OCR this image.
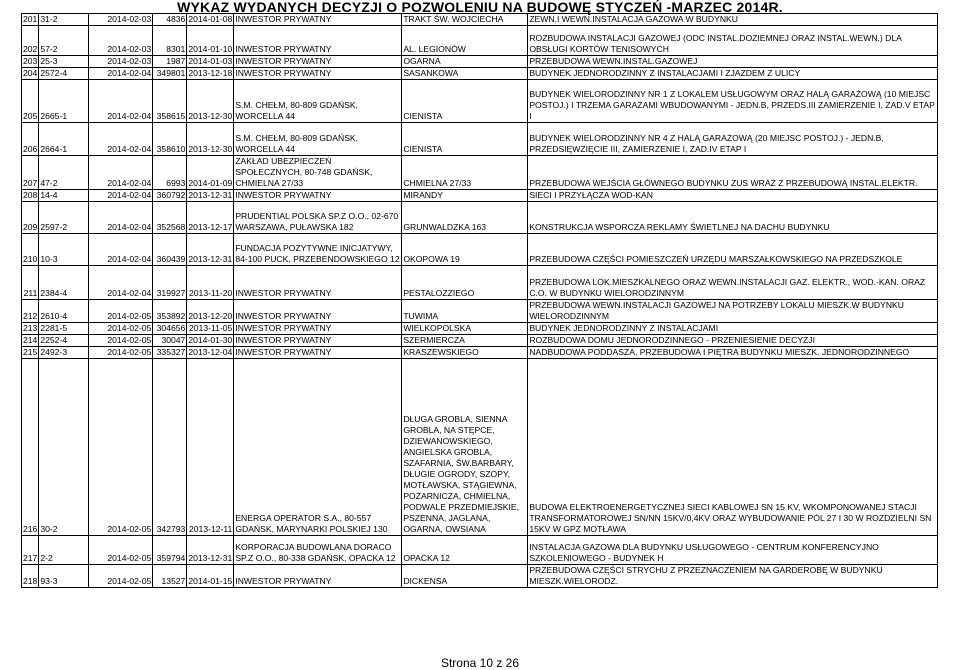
WYKAZ WYDANYCH DECYZJI O POZWOLENIU NA BUDOWĘ STYCZEŃ -MARZEC 2014R.
201	31-2	2014-02-03	4836	2014-01-08	INWESTOR PRYWATNY	TRAKT ŚW. WOJCIECHA	ZEWN.I WEWN.INSTALACJA GAZOWA W BUDYNKU
202	57-2	2014-02-03	8301	2014-01-10	INWESTOR PRYWATNY	AL. LEGIONÓW	ROZBUDOWA INSTALACJI GAZOWEJ (ODC INSTAL.DOZIEMNEJ ORAZ INSTAL.WEWN.) DLA OBSŁUGI KORTÓW TENISOWYCH
203	25-3	2014-02-03	1987	2014-01-03	INWESTOR PRYWATNY	OGARNA	PRZEBUDOWA WEWN.INSTAL.GAZOWEJ
204	2572-4	2014-02-04	349801	2013-12-18	INWESTOR PRYWATNY	SASANKOWA	BUDYNEK JEDNORODZINNY Z INSTALACJAMI I ZJAZDEM Z ULICY
205	2665-1	2014-02-04	358615	2013-12-30	S.M. CHEŁM, 80-809 GDAŃSK, WORCELLA 44	CIENISTA	BUDYNEK WIELORODZINNY NR 1 Z LOKALEM USŁUGOWYM ORAZ HALĄ GARAŻOWĄ (10 MIEJSC POSTOJ.) I TRZEMA GARAŻAMI WBUDOWANYMI - JEDN.B, PRZEDS.III ZAMIERZENIE I, ZAD.V ETAP I
206	2664-1	2014-02-04	358610	2013-12-30	S.M. CHEŁM, 80-809 GDAŃSK, WORCELLA 44	CIENISTA	BUDYNEK WIELORODZINNY NR 4 Z HALĄ GARAŻOWĄ (20 MIEJSC POSTOJ.) - JEDN.B, PRZEDSIĘWZIĘCIE III, ZAMIERZENIE I, ZAD.IV ETAP I
207	47-2	2014-02-04	6993	2014-01-09	ZAKŁAD UBEZPIECZEŃ SPOŁECZNYCH, 80-748 GDAŃSK, CHMIELNA 27/33	CHMIELNA 27/33	PRZEBUDOWA WEJŚCIA GŁÓWNEGO BUDYNKU ZUS WRAZ Z PRZEBUDOWĄ INSTAL.ELEKTR.
208	14-4	2014-02-04	360792	2013-12-31	INWESTOR PRYWATNY	MIRANDY	SIECI I PRZYŁĄCZA WOD-KAN
209	2597-2	2014-02-04	352568	2013-12-17	PRUDENTIAL POLSKA SP.Z O.O., 02-670 WARSZAWA, PUŁAWSKA 182	GRUNWALDZKA 163	KONSTRUKCJA WSPORCZA REKLAMY ŚWIETLNEJ NA DACHU BUDYNKU
210	10-3	2014-02-04	360439	2013-12-31	FUNDACJA POZYTYWNE INICJATYWY, 84-100 PUCK, PRZEBENDOWSKIEGO 12	OKOPOWA 19	PRZEBUDOWA CZĘŚCI POMIESZCZEŃ URZĘDU MARSZAŁKOWSKIEGO NA PRZEDSZKOLE
211	2384-4	2014-02-04	319927	2013-11-20	INWESTOR PRYWATNY	PESTALOZZIEGO	PRZEBUDOWA LOK.MIESZKALNEGO ORAZ WEWN.INSTALACJI GAZ. ELEKTR., WOD.-KAN. ORAZ C.O. W BUDYNKU WIELORODZINNYM
212	2610-4	2014-02-05	353892	2013-12-20	INWESTOR PRYWATNY	TUWIMA	PRZEBUDOWA WEWN.INSTALACJI GAZOWEJ NA POTRZEBY LOKALU MIESZK.W BUDYNKU WIELORODZINNYM
213	2281-5	2014-02-05	304656	2013-11-05	INWESTOR PRYWATNY	WIELKOPOLSKA	BUDYNEK JEDNORODZINNY Z INSTALACJAMI
214	2252-4	2014-02-05	30047	2014-01-30	INWESTOR PRYWATNY	SZERMIERCZA	ROZBUDOWA DOMU JEDNORODZINNEGO - PRZENIESIENIE DECYZJI
215	2492-3	2014-02-05	335327	2013-12-04	INWESTOR PRYWATNY	KRASZEWSKIEGO	NADBUDOWA PODDASZA, PRZEBUDOWA I PIĘTRA BUDYNKU MIESZK. JEDNORODZINNEGO
216	30-2	2014-02-05	342793	2013-12-11	ENERGA OPERATOR S.A., 80-557 GDAŃSK, MARYNARKI POLSKIEJ 130	DŁUGA GROBLA, SIENNA GROBLA, NA STĘPCE, DZIEWANOWSKIEGO, ANGIELSKA GROBLA, SZAFARNIA, ŚW.BARBARY, DŁUGIE OGRODY, SZOPY, MOTŁAWSKA, STĄGIEWNA, POŻARNICZA, CHMIELNA, PODWALE PRZEDMIEJSKIE, PSZENNA, JAGLANA, OGARNA, OWSIANA	BUDOWA ELEKTROENERGETYCZNEJ SIECI KABLOWEJ SN 15 KV, WKOMPONOWANEJ STACJI TRANSFORMATOROWEJ SN/NN 15KV/0,4KV ORAZ WYBUDOWANIE PÓL 27 I 30 W ROZDZIELNI SN 15KV W GPZ MOTŁAWA
217	2-2	2014-02-05	359794	2013-12-31	KORPORACJA BUDOWLANA DORACO SP.Z O.O., 80-338 GDAŃSK, OPACKA 12	OPACKA 12	INSTALACJA GAZOWA DLA BUDYNKU USŁUGOWEGO - CENTRUM KONFERENCYJNO SZKOLENIOWEGO - BUDYNEK H
218	93-3	2014-02-05	13527	2014-01-15	INWESTOR PRYWATNY	DICKENSA	PRZEBUDOWA CZĘŚCI STRYCHU Z PRZEZNACZENIEM NA GARDEROBĘ W BUDYNKU MIESZK.WIELORODZ.
Strona 10 z 26
